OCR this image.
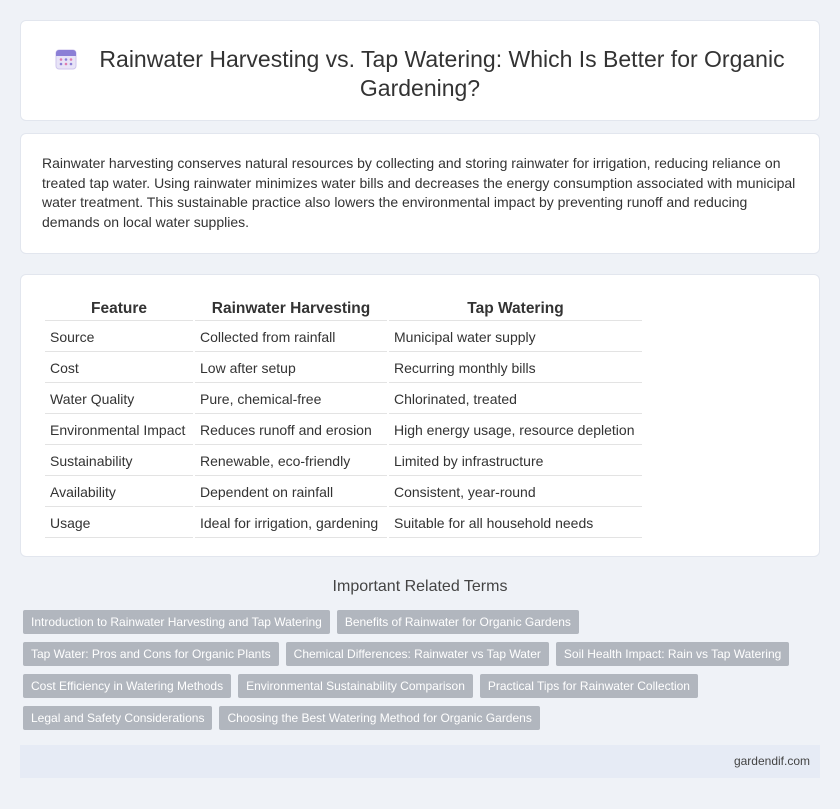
Rainwater Harvesting vs. Tap Watering: Which Is Better for Organic Gardening?

Rainwater harvesting conserves natural resources by collecting and storing rainwater for irrigation, reducing reliance on treated tap water. Using rainwater minimizes water bills and decreases the energy consumption associated with municipal water treatment. This sustainable practice also lowers the environmental impact by preventing runoff and reducing demands on local water supplies.

Feature	Rainwater Harvesting	Tap Watering
Source	Collected from rainfall	Municipal water supply
Cost	Low after setup	Recurring monthly bills
Water Quality	Pure, chemical-free	Chlorinated, treated
Environmental Impact	Reduces runoff and erosion	High energy usage, resource depletion
Sustainability	Renewable, eco-friendly	Limited by infrastructure
Availability	Dependent on rainfall	Consistent, year-round
Usage	Ideal for irrigation, gardening	Suitable for all household needs
Important Related Terms
Introduction to Rainwater Harvesting and Tap Watering Benefits of Rainwater for Organic Gardens
Tap Water: Pros and Cons for Organic Plants Chemical Differences: Rainwater vs Tap Water Soil Health Impact: Rain vs Tap Watering
Cost Efficiency in Watering Methods Environmental Sustainability Comparison Practical Tips for Rainwater Collection
Legal and Safety Considerations Choosing the Best Watering Method for Organic Gardens
gardendif.com
